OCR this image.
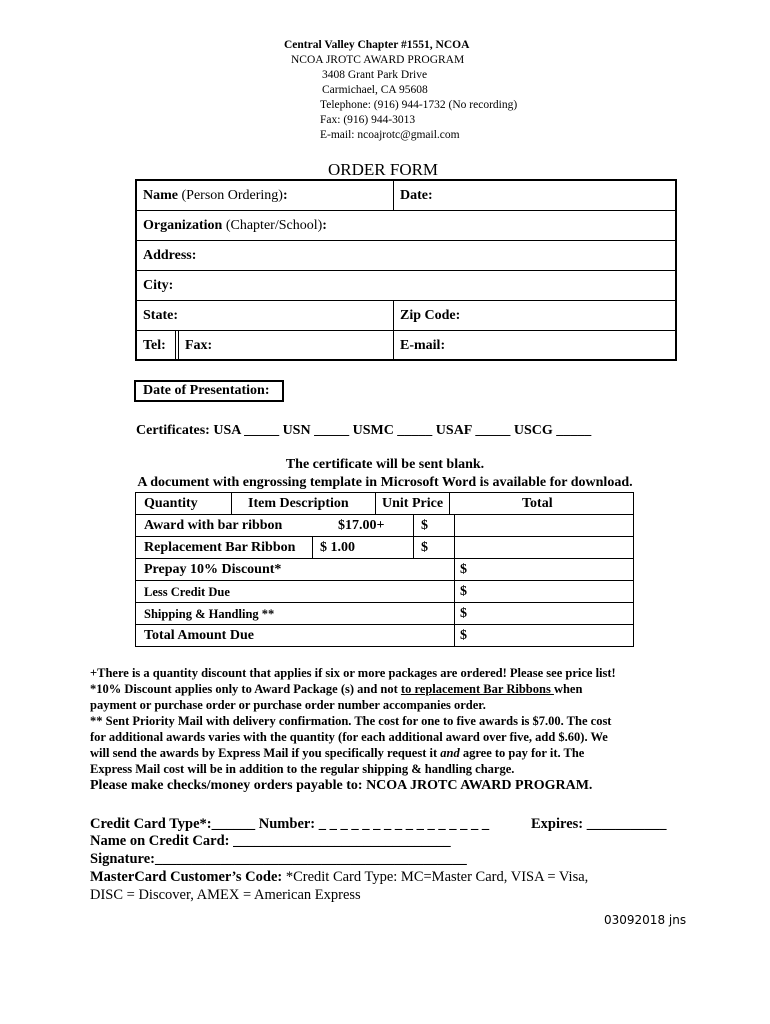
Central Valley Chapter #1551, NCOA
NCOA JROTC AWARD PROGRAM
3408 Grant Park Drive
Carmichael, CA 95608
Telephone: (916) 944-1732 (No recording)
Fax: (916) 944-3013
E-mail: ncoajrotc@gmail.com
ORDER FORM
Name (Person Ordering):	Date:
Organization (Chapter/School):
Address:
City:
State:	Zip Code:
Tel:	Fax:	E-mail:
Date of Presentation:
Certificates: USA _____ USN _____ USMC _____ USAF _____ USCG _____
The certificate will be sent blank.
A document with engrossing template in Microsoft Word is available for download.
Quantity	Item Description	Unit Price	Total
Award with bar ribbon	$17.00+	$
Replacement Bar Ribbon	$ 1.00	$
Prepay 10% Discount*	$
Less Credit Due	$
Shipping & Handling **	$
Total Amount Due	$
+There is a quantity discount that applies if six or more packages are ordered! Please see price list!
*10% Discount applies only to Award Package (s) and not to replacement Bar Ribbons when
payment or purchase order or purchase order number accompanies order.
** Sent Priority Mail with delivery confirmation. The cost for one to five awards is $7.00. The cost
for additional awards varies with the quantity (for each additional award over five, add $.60). We
will send the awards by Express Mail if you specifically request it and agree to pay for it. The
Express Mail cost will be in addition to the regular shipping & handling charge.
Please make checks/money orders payable to: NCOA JROTC AWARD PROGRAM.
Credit Card Type*:______ Number: _ _ _ _ _ _ _ _ _ _ _ _ _ _ _ _	Expires: ___________
Name on Credit Card: ______________________________
Signature:___________________________________________
MasterCard Customer’s Code: *Credit Card Type: MC=Master Card, VISA = Visa,
DISC = Discover, AMEX = American Express
03092018 jns
